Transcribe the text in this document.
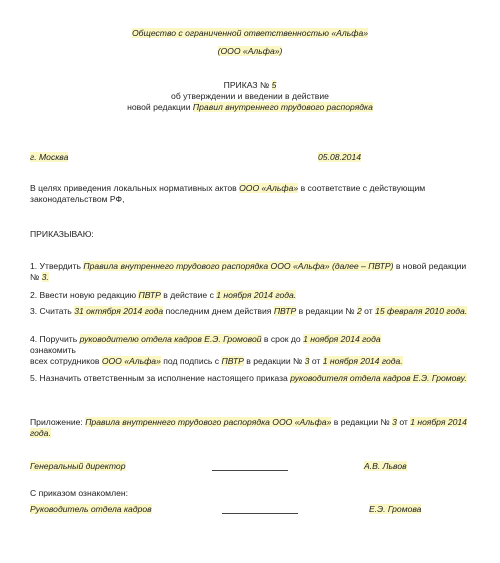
Общество с ограниченной ответственностью «Альфа»
(ООО «Альфа»)
ПРИКАЗ № 5
об утверждении и введении в действие
новой редакции Правил внутреннего трудового распорядка
г. Москва	05.08.2014
В целях приведения локальных нормативных актов ООО «Альфа» в соответствие с действующим законодательством РФ,
ПРИКАЗЫВАЮ:
1. Утвердить Правила внутреннего трудового распорядка ООО «Альфа» (далее – ПВТР) в новой редакции № 3.
2. Ввести новую редакцию ПВТР в действие с 1 ноября 2014 года.
3. Считать 31 октября 2014 года последним днем действия ПВТР в редакции № 2 от 15 февраля 2010 года.
4. Поручить руководителю отдела кадров Е.Э. Громовой в срок до 1 ноября 2014 года
ознакомить
всех сотрудников ООО «Альфа» под подпись с ПВТР в редакции № 3 от 1 ноября 2014 года.
5. Назначить ответственным за исполнение настоящего приказа руководителя отдела кадров Е.Э. Громову.
Приложение: Правила внутреннего трудового распорядка ООО «Альфа» в редакции № 3 от 1 ноября 2014 года.
Генеральный директор	А.В. Львов
С приказом ознакомлен:
Руководитель отдела кадров	Е.Э. Громова
